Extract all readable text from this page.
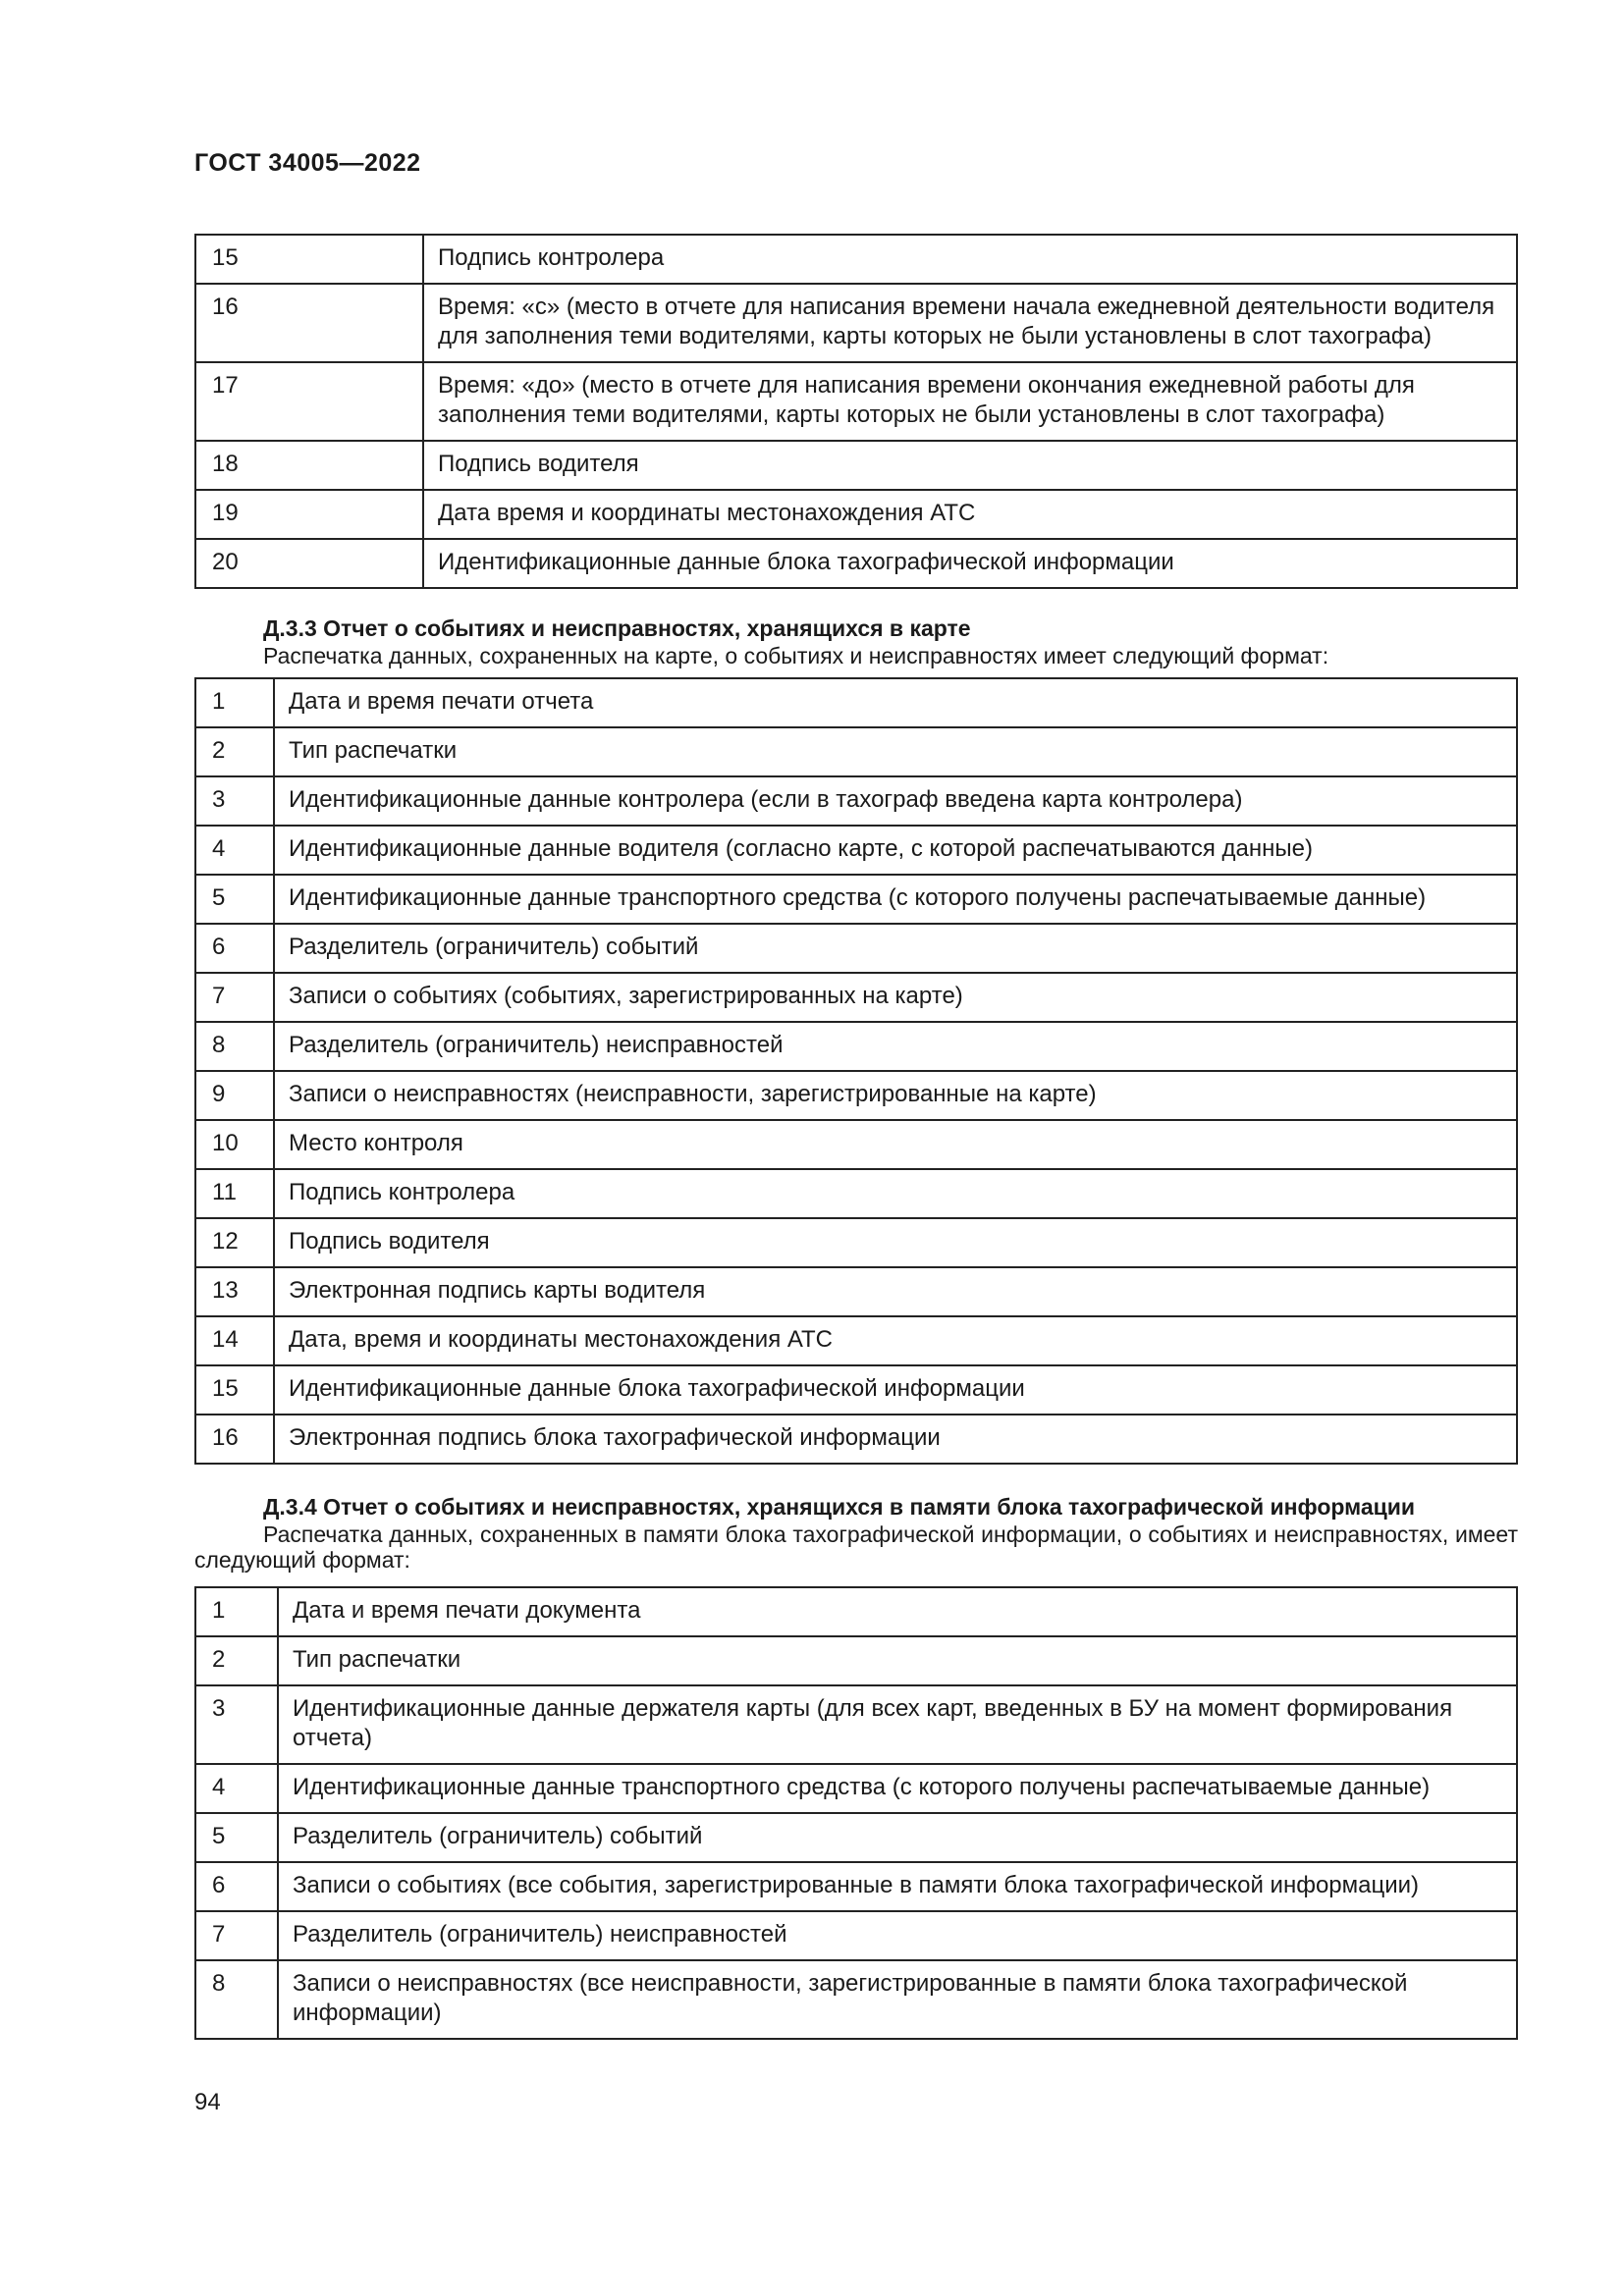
ГОСТ 34005—2022
15	Подпись контролера
16	Время: «с» (место в отчете для написания времени начала ежедневной деятельности водителя для заполнения теми водителями, карты которых не были установлены в слот тахографа)
17	Время: «до» (место в отчете для написания времени окончания ежедневной работы для заполнения теми водителями, карты которых не были установлены в слот тахографа)
18	Подпись водителя
19	Дата время и координаты местонахождения АТС
20	Идентификационные данные блока тахографической информации
Д.3.3 Отчет о событиях и неисправностях, хранящихся в карте
Распечатка данных, сохраненных на карте, о событиях и неисправностях имеет следующий формат:
1	Дата и время печати отчета
2	Тип распечатки
3	Идентификационные данные контролера (если в тахограф введена карта контролера)
4	Идентификационные данные водителя (согласно карте, с которой распечатываются данные)
5	Идентификационные данные транспортного средства (с которого получены распечатываемые данные)
6	Разделитель (ограничитель) событий
7	Записи о событиях (событиях, зарегистрированных на карте)
8	Разделитель (ограничитель) неисправностей
9	Записи о неисправностях (неисправности, зарегистрированные на карте)
10	Место контроля
11	Подпись контролера
12	Подпись водителя
13	Электронная подпись карты водителя
14	Дата, время и координаты местонахождения АТС
15	Идентификационные данные блока тахографической информации
16	Электронная подпись блока тахографической информации
Д.3.4 Отчет о событиях и неисправностях, хранящихся в памяти блока тахографической информации
Распечатка данных, сохраненных в памяти блока тахографической информации, о событиях и неисправностях, имеет следующий формат:
1	Дата и время печати документа
2	Тип распечатки
3	Идентификационные данные держателя карты (для всех карт, введенных в БУ на момент формирования отчета)
4	Идентификационные данные транспортного средства (с которого получены распечатываемые данные)
5	Разделитель (ограничитель) событий
6	Записи о событиях (все события, зарегистрированные в памяти блока тахографической информации)
7	Разделитель (ограничитель) неисправностей
8	Записи о неисправностях (все неисправности, зарегистрированные в памяти блока тахографической информации)
94
